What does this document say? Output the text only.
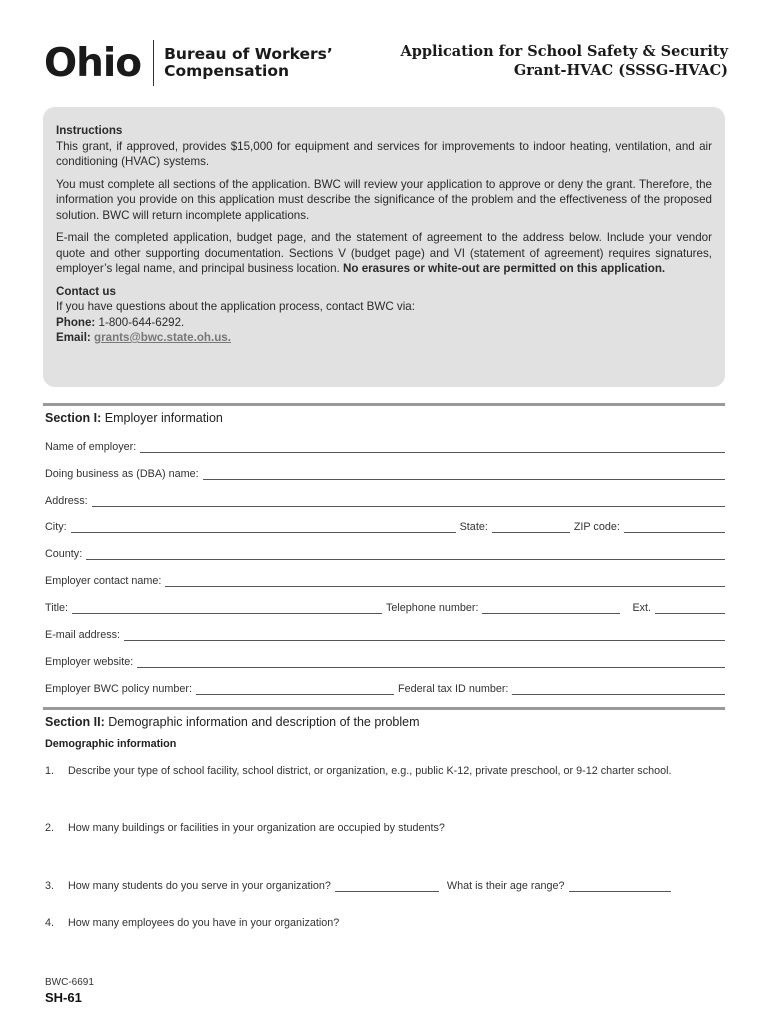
Ohio Bureau of Workers’
Compensation
Application for School Safety & Security
Grant-HVAC (SSSG-HVAC)

Instructions

This grant, if approved, provides $15,000 for equipment and services for improvements to indoor heating, ventilation, and air conditioning (HVAC) systems.

You must complete all sections of the application. BWC will review your application to approve or deny the grant. Therefore, the information you provide on this application must describe the significance of the problem and the effectiveness of the proposed solution. BWC will return incomplete applications.

E-mail the completed application, budget page, and the statement of agreement to the address below. Include your vendor quote and other supporting documentation. Sections V (budget page) and VI (statement of agreement) requires signatures, employer’s legal name, and principal business location. No erasures or white-out are permitted on this application.

Contact us

If you have questions about the application process, contact BWC via:

Phone: 1-800-644-6292.

Email: grants@bwc.state.oh.us.

Section I: Employer information
Name of employer:
Doing business as (DBA) name:
Address:
City:	State:	ZIP code:
County:
Employer contact name:
Title:	Telephone number:	Ext.
E-mail address:
Employer website:
Employer BWC policy number:	Federal tax ID number:
Section II: Demographic information and description of the problem
Demographic information
1.	Describe your type of school facility, school district, or organization, e.g., public K-12, private preschool, or 9-12 charter school.
2.	How many buildings or facilities in your organization are occupied by students?
3.	How many students do you serve in your organization?	What is their age range?
4.	How many employees do you have in your organization?
BWC-6691
SH-61
